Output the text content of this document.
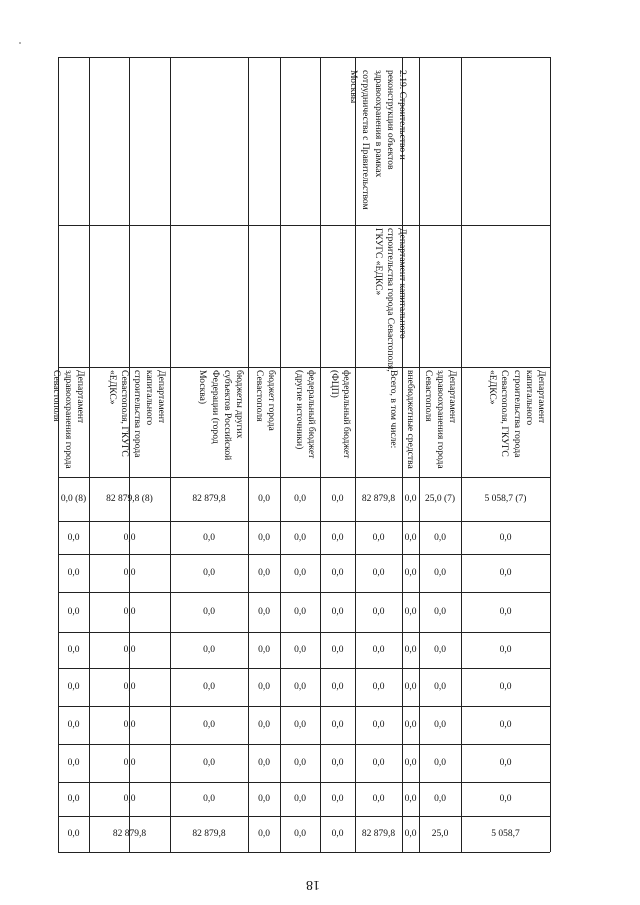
2.19. Строительство и реконструкция объектов здравоохранения в рамках сотрудничества с Правительством Москвы
Департамент капитального строительства города Севастополя, ГКУГС «ЕДКС»
Департамент капитального строительства города Севастополя, ГКУГС «ЕДКС»
Департамент здравоохранения города Севастополя
внебюджетные средства
Всего, в том числе:
федеральный бюджет (ФЦП)
федеральный бюджет (другие источники)
бюджет города Севастополя
бюджеты других субъектов Российской Федерации (город Москва)
Департамент капитального строительства города Севастополя, ГКУГС «ЕДКС»
Департамент здравоохранения города Севастополя
5 058,7 (7)
25,0 (7)
0,0
82 879,8
0,0
0,0
0,0
82 879,8
82 879,8 (8)
0,0 (8)
0,0
0,0
0,0
0,0
0,0
0,0
0,0
0,0
0,0
0,0
0,0
0,0
0,0
0,0
0,0
0,0
0,0
0,0
0,0
0,0
0,0
0,0
0,0
0,0
0,0
0,0
0,0
0,0
0,0
0,0
0,0
0,0
0,0
0,0
0,0
0,0
0,0
0,0
0,0
0,0
0,0
0,0
0,0
0,0
0,0
0,0
0,0
0,0
0,0
0,0
0,0
0,0
0,0
0,0
0,0
0,0
0,0
0,0
0,0
0,0
0,0
0,0
0,0
0,0
0,0
0,0
0,0
0,0
0,0
0,0
0,0
0,0
0,0
0,0
0,0
0,0
0,0
0,0
0,0
0,0
5 058,7
25,0
0,0
82 879,8
0,0
0,0
0,0
82 879,8
82 879,8
0,0
18
